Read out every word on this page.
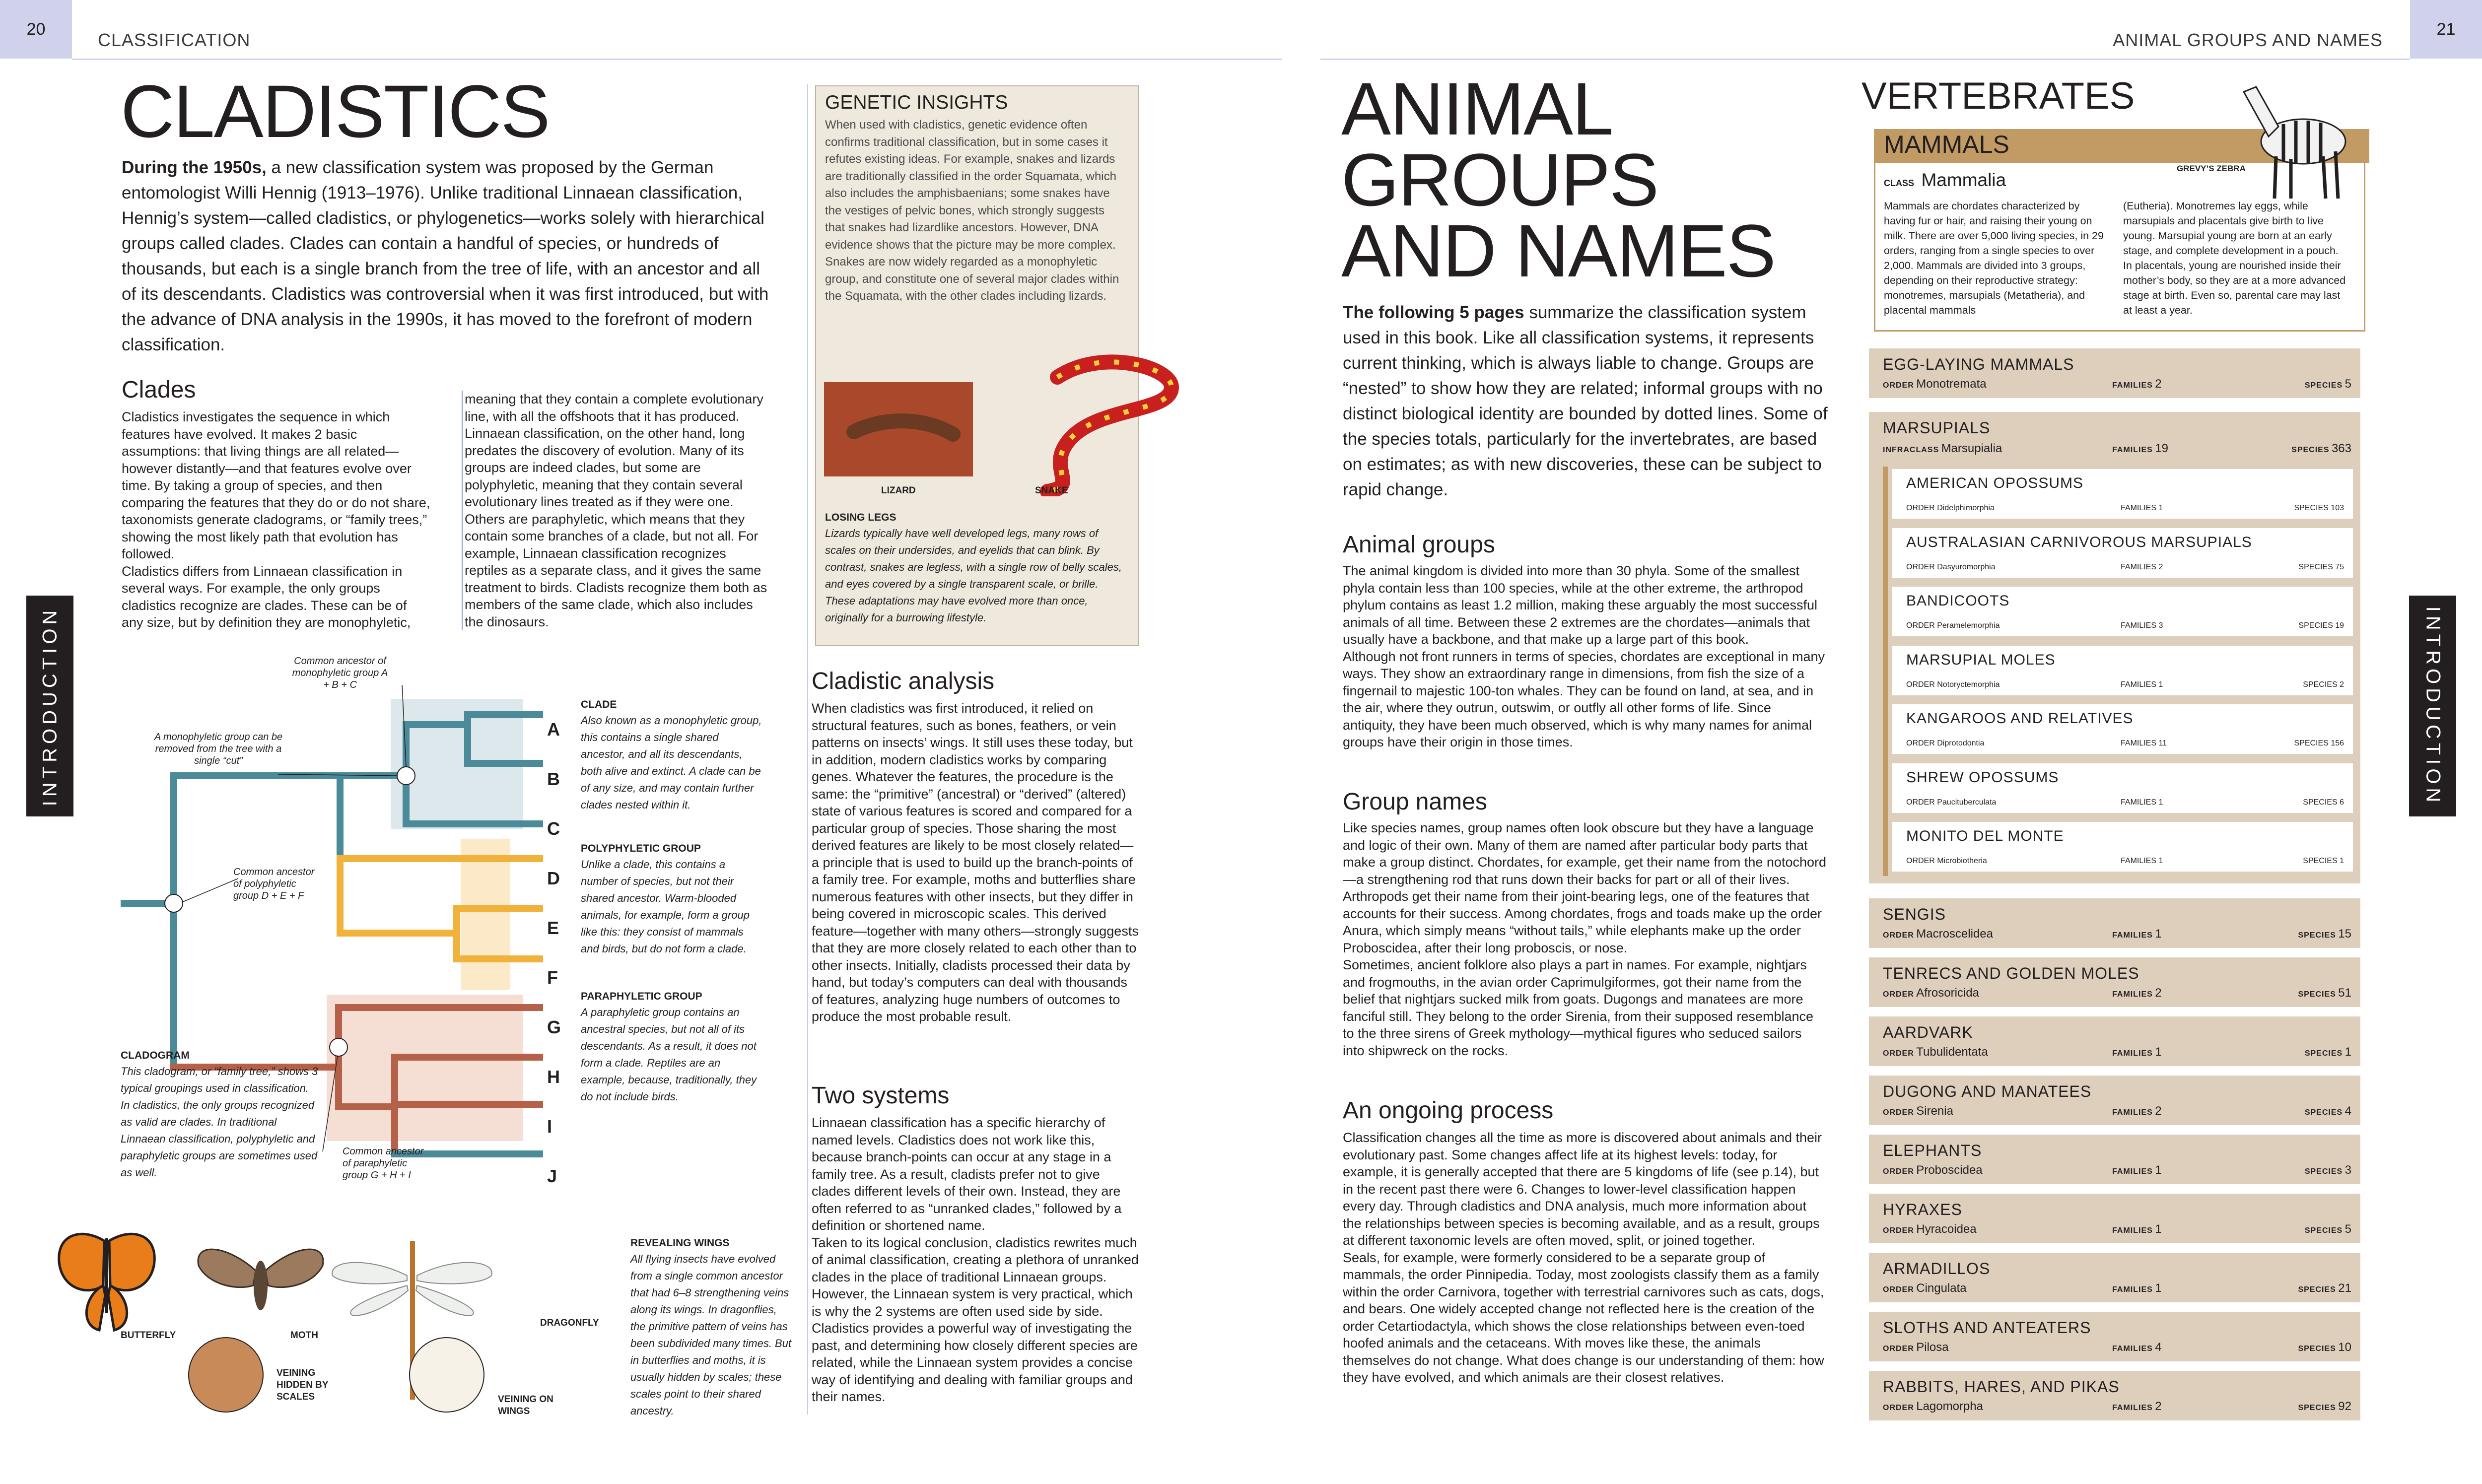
20
CLASSIFICATION	ANIMAL GROUPS AND NAMES
21
INTRODUCTION	INTRODUCTION
CLADISTICS
During the 1950s, a new classification system was proposed by the German entomologist Willi Hennig (1913–1976). Unlike traditional Linnaean classification, Hennig’s system—called cladistics, or phylogenetics—works solely with hierarchical groups called clades. Clades can contain a handful of species, or hundreds of thousands, but each is a single branch from the tree of life, with an ancestor and all of its descendants. Cladistics was controversial when it was first introduced, but with the advance of DNA analysis in the 1990s, it has moved to the forefront of modern classification.
Clades
Cladistics investigates the sequence in which features have evolved. It makes 2 basic assumptions: that living things are all related—however distantly—and that features evolve over time. By taking a group of species, and then comparing the features that they do or do not share, taxonomists generate cladograms, or “family trees,” showing the most likely path that evolution has followed.
Cladistics differs from Linnaean classification in several ways. For example, the only groups cladistics recognize are clades. These can be of any size, but by definition they are monophyletic,
meaning that they contain a complete evolutionary line, with all the offshoots that it has produced. Linnaean classification, on the other hand, long predates the discovery of evolution. Many of its groups are indeed clades, but some are polyphyletic, meaning that they contain several evolutionary lines treated as if they were one. Others are paraphyletic, which means that they contain some branches of a clade, but not all. For example, Linnaean classification recognizes reptiles as a separate class, and it gives the same treatment to birds. Cladists recognize them both as members of the same clade, which also includes the dinosaurs.
A
B
C
D
E
F
G
H
I
J
Common ancestor of monophyletic group A + B + C
A monophyletic group can be removed from the tree with a single “cut”
Common ancestor of polyphyletic group D + E + F
Common ancestor of paraphyletic group G + H + I
CLADE
Also known as a monophyletic group, this contains a single shared ancestor, and all its descendants, both alive and extinct. A clade can be of any size, and may contain further clades nested within it.
POLYPHYLETIC GROUP
Unlike a clade, this contains a number of species, but not their shared ancestor. Warm-blooded animals, for example, form a group like this: they consist of mammals and birds, but do not form a clade.
PARAPHYLETIC GROUP
A paraphyletic group contains an ancestral species, but not all of its descendants. As a result, it does not form a clade. Reptiles are an example, because, traditionally, they do not include birds.
CLADOGRAM
This cladogram, or “family tree,” shows 3 typical groupings used in classification. In cladistics, the only groups recognized as valid are clades. In traditional Linnaean classification, polyphyletic and paraphyletic groups are sometimes used as well.
BUTTERFLY	MOTH
VEINING HIDDEN BY SCALES
DRAGONFLY
VEINING ON WINGS
REVEALING WINGS
All flying insects have evolved from a single common ancestor that had 6–8 strengthening veins along its wings. In dragonflies, the primitive pattern of veins has been subdivided many times. But in butterflies and moths, it is usually hidden by scales; these scales point to their shared ancestry.
GENETIC INSIGHTS
When used with cladistics, genetic evidence often confirms traditional classification, but in some cases it refutes existing ideas. For example, snakes and lizards are traditionally classified in the order Squamata, which also includes the amphisbaenians; some snakes have the vestiges of pelvic bones, which strongly suggests that snakes had lizardlike ancestors. However, DNA evidence shows that the picture may be more complex. Snakes are now widely regarded as a monophyletic group, and constitute one of several major clades within the Squamata, with the other clades including lizards.
LIZARD	SNAKE
LOSING LEGS
Lizards typically have well developed legs, many rows of scales on their undersides, and eyelids that can blink. By contrast, snakes are legless, with a single row of belly scales, and eyes covered by a single transparent scale, or brille. These adaptations may have evolved more than once, originally for a burrowing lifestyle.
Cladistic analysis
When cladistics was first introduced, it relied on structural features, such as bones, feathers, or vein patterns on insects’ wings. It still uses these today, but in addition, modern cladistics works by comparing genes. Whatever the features, the procedure is the same: the “primitive” (ancestral) or “derived” (altered) state of various features is scored and compared for a particular group of species. Those sharing the most derived features are likely to be most closely related—a principle that is used to build up the branch-points of a family tree. For example, moths and butterflies share numerous features with other insects, but they differ in being covered in microscopic scales. This derived feature—together with many others—strongly suggests that they are more closely related to each other than to other insects. Initially, cladists processed their data by hand, but today’s computers can deal with thousands of features, analyzing huge numbers of outcomes to produce the most probable result.
Two systems
Linnaean classification has a specific hierarchy of named levels. Cladistics does not work like this, because branch-points can occur at any stage in a family tree. As a result, cladists prefer not to give clades different levels of their own. Instead, they are often referred to as “unranked clades,” followed by a definition or shortened name.
Taken to its logical conclusion, cladistics rewrites much of animal classification, creating a plethora of unranked clades in the place of traditional Linnaean groups. However, the Linnaean system is very practical, which is why the 2 systems are often used side by side. Cladistics provides a powerful way of investigating the past, and determining how closely different species are related, while the Linnaean system provides a concise way of identifying and dealing with familiar groups and their names.
ANIMAL
GROUPS
AND NAMES
The following 5 pages summarize the classification system used in this book. Like all classification systems, it represents current thinking, which is always liable to change. Groups are “nested” to show how they are related; informal groups with no distinct biological identity are bounded by dotted lines. Some of the species totals, particularly for the invertebrates, are based on estimates; as with new discoveries, these can be subject to rapid change.
Animal groups
The animal kingdom is divided into more than 30 phyla. Some of the smallest phyla contain less than 100 species, while at the other extreme, the arthropod phylum contains as least 1.2 million, making these arguably the most successful animals of all time. Between these 2 extremes are the chordates—animals that usually have a backbone, and that make up a large part of this book.
Although not front runners in terms of species, chordates are exceptional in many ways. They show an extraordinary range in dimensions, from fish the size of a fingernail to majestic 100-ton whales. They can be found on land, at sea, and in the air, where they outrun, outswim, or outfly all other forms of life. Since antiquity, they have been much observed, which is why many names for animal groups have their origin in those times.
Group names
Like species names, group names often look obscure but they have a language and logic of their own. Many of them are named after particular body parts that make a group distinct. Chordates, for example, get their name from the notochord—a strengthening rod that runs down their backs for part or all of their lives. Arthropods get their name from their joint-bearing legs, one of the features that accounts for their success. Among chordates, frogs and toads make up the order Anura, which simply means “without tails,” while elephants make up the order Proboscidea, after their long proboscis, or nose.
Sometimes, ancient folklore also plays a part in names. For example, nightjars and frogmouths, in the avian order Caprimulgiformes, got their name from the belief that nightjars sucked milk from goats. Dugongs and manatees are more fanciful still. They belong to the order Sirenia, from their supposed resemblance to the three sirens of Greek mythology—mythical figures who seduced sailors into shipwreck on the rocks.
An ongoing process
Classification changes all the time as more is discovered about animals and their evolutionary past. Some changes affect life at its highest levels: today, for example, it is generally accepted that there are 5 kingdoms of life (see p.14), but in the recent past there were 6. Changes to lower-level classification happen every day. Through cladistics and DNA analysis, much more information about the relationships between species is becoming available, and as a result, groups at different taxonomic levels are often moved, split, or joined together.
Seals, for example, were formerly considered to be a separate group of mammals, the order Pinnipedia. Today, most zoologists classify them as a family within the order Carnivora, together with terrestrial carnivores such as cats, dogs, and bears. One widely accepted change not reflected here is the creation of the order Cetartiodactyla, which shows the close relationships between even-toed hoofed animals and the cetaceans. With moves like these, the animals themselves do not change. What does change is our understanding of them: how they have evolved, and which animals are their closest relatives.
VERTEBRATES
MAMMALS
GREVY’S ZEBRA
CLASS Mammalia
Mammals are chordates characterized by having fur or hair, and raising their young on milk. There are over 5,000 living species, in 29 orders, ranging from a single species to over 2,000. Mammals are divided into 3 groups, depending on their reproductive strategy: monotremes, marsupials (Metatheria), and placental mammals
(Eutheria). Monotremes lay eggs, while marsupials and placentals give birth to live young. Marsupial young are born at an early stage, and complete development in a pouch. In placentals, young are nourished inside their mother’s body, so they are at a more advanced stage at birth. Even so, parental care may last at least a year.
EGG-LAYING MAMMALS
ORDER Monotremata	FAMILIES 2	SPECIES 5
MARSUPIALS
INFRACLASS Marsupialia	FAMILIES 19	SPECIES 363
AMERICAN OPOSSUMS
ORDER Didelphimorphia	FAMILIES 1	SPECIES 103
AUSTRALASIAN CARNIVOROUS MARSUPIALS
ORDER Dasyuromorphia	FAMILIES 2	SPECIES 75
BANDICOOTS
ORDER Peramelemorphia	FAMILIES 3	SPECIES 19
MARSUPIAL MOLES
ORDER Notoryctemorphia	FAMILIES 1	SPECIES 2
KANGAROOS AND RELATIVES
ORDER Diprotodontia	FAMILIES 11	SPECIES 156
SHREW OPOSSUMS
ORDER Paucituberculata	FAMILIES 1	SPECIES 6
MONITO DEL MONTE
ORDER Microbiotheria	FAMILIES 1	SPECIES 1
SENGIS
ORDER Macroscelidea	FAMILIES 1	SPECIES 15
TENRECS AND GOLDEN MOLES
ORDER Afrosoricida	FAMILIES 2	SPECIES 51
AARDVARK
ORDER Tubulidentata	FAMILIES 1	SPECIES 1
DUGONG AND MANATEES
ORDER Sirenia	FAMILIES 2	SPECIES 4
ELEPHANTS
ORDER Proboscidea	FAMILIES 1	SPECIES 3
HYRAXES
ORDER Hyracoidea	FAMILIES 1	SPECIES 5
ARMADILLOS
ORDER Cingulata	FAMILIES 1	SPECIES 21
SLOTHS AND ANTEATERS
ORDER Pilosa	FAMILIES 4	SPECIES 10
RABBITS, HARES, AND PIKAS
ORDER Lagomorpha	FAMILIES 2	SPECIES 92
